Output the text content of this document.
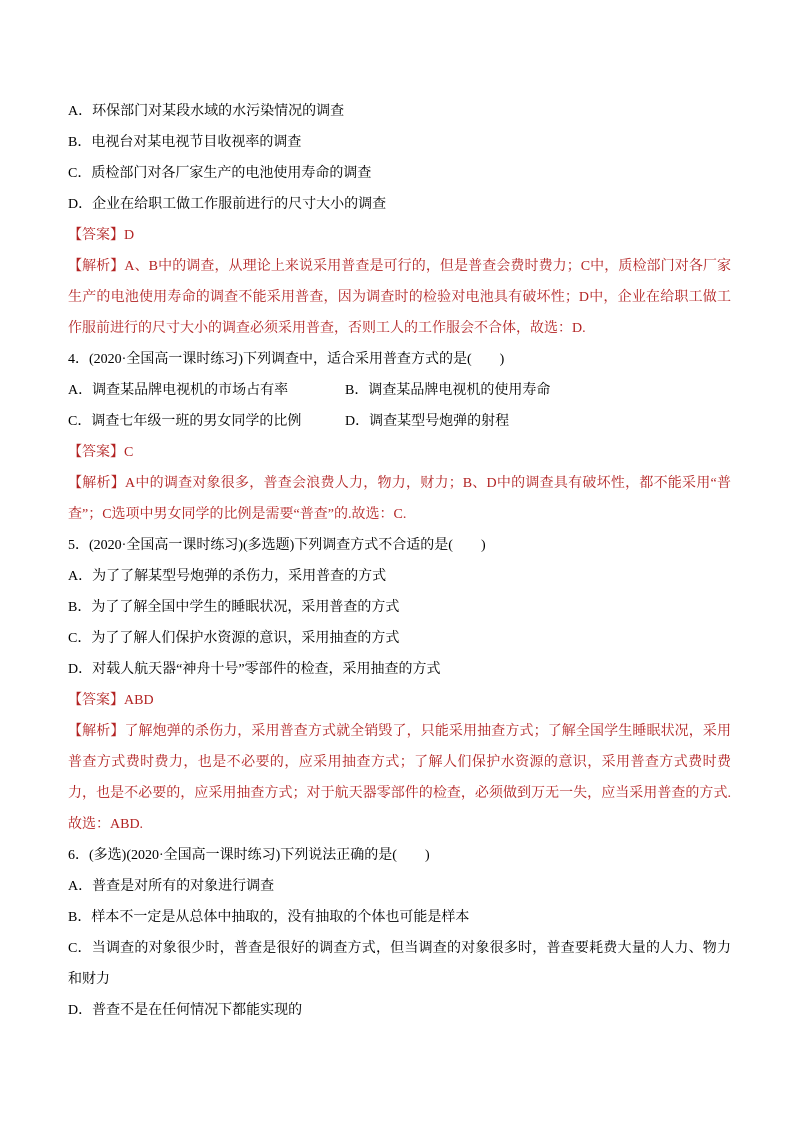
A．环保部门对某段水域的水污染情况的调查

B．电视台对某电视节目收视率的调查

C．质检部门对各厂家生产的电池使用寿命的调查

D．企业在给职工做工作服前进行的尺寸大小的调查

【答案】D

【解析】A、B中的调查，从理论上来说采用普查是可行的，但是普查会费时费力；C中，质检部门对各厂家生产的电池使用寿命的调查不能采用普查，因为调查时的检验对电池具有破坏性；D中，企业在给职工做工作服前进行的尺寸大小的调查必须采用普查，否则工人的工作服会不合体，故选：D.

4．(2020·全国高一课时练习)下列调查中，适合采用普查方式的是(　　)

A．调查某品牌电视机的市场占有率	B．调查某品牌电视机的使用寿命

C．调查七年级一班的男女同学的比例	D．调查某型号炮弹的射程

【答案】C

【解析】A中的调查对象很多，普查会浪费人力，物力，财力；B、D中的调查具有破坏性，都不能采用“普查”；C选项中男女同学的比例是需要“普查”的.故选：C.

5．(2020·全国高一课时练习)(多选题)下列调查方式不合适的是(　　)

A．为了了解某型号炮弹的杀伤力，采用普查的方式

B．为了了解全国中学生的睡眠状况，采用普查的方式

C．为了了解人们保护水资源的意识，采用抽查的方式

D．对载人航天器“神舟十号”零部件的检查，采用抽查的方式

【答案】ABD

【解析】了解炮弹的杀伤力，采用普查方式就全销毁了，只能采用抽查方式；了解全国学生睡眠状况，采用普查方式费时费力，也是不必要的，应采用抽查方式；了解人们保护水资源的意识，采用普查方式费时费力，也是不必要的，应采用抽查方式；对于航天器零部件的检查，必须做到万无一失，应当采用普查的方式.故选：ABD.

6．(多选)(2020·全国高一课时练习)下列说法正确的是(　　)

A．普查是对所有的对象进行调查

B．样本不一定是从总体中抽取的，没有抽取的个体也可能是样本

C．当调查的对象很少时，普查是很好的调查方式，但当调查的对象很多时，普查要耗费大量的人力、物力和财力

D．普查不是在任何情况下都能实现的
